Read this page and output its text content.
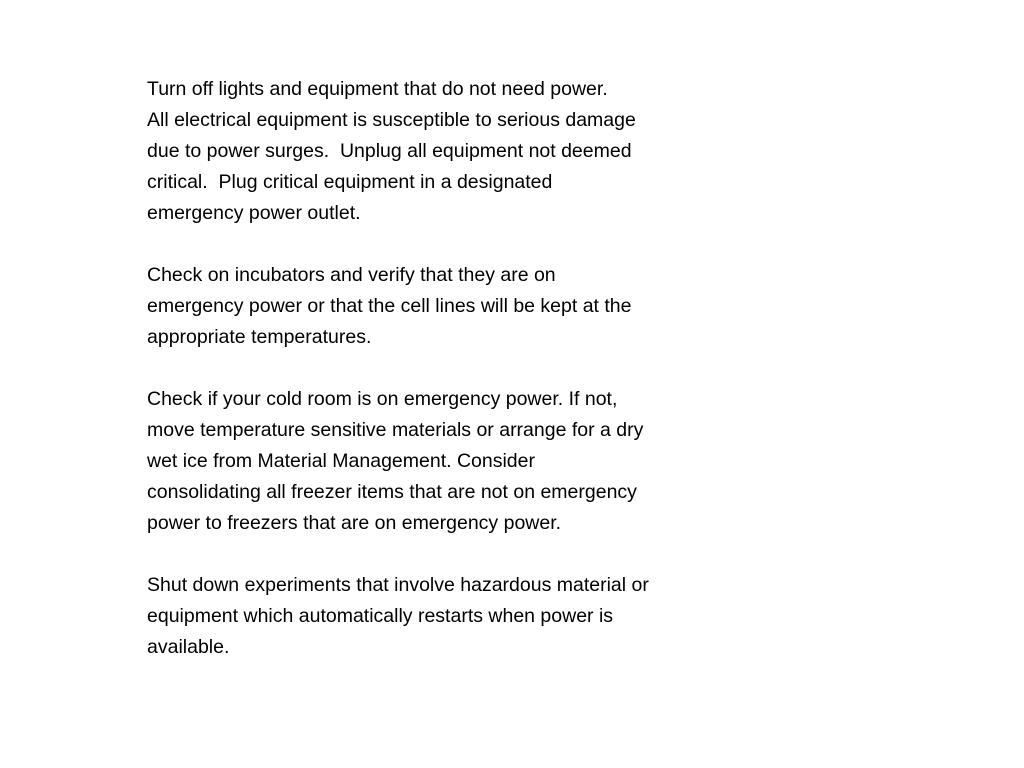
Turn off lights and equipment that do not need power.
All electrical equipment is susceptible to serious damage
due to power surges.  Unplug all equipment not deemed
critical.  Plug critical equipment in a designated
emergency power outlet.

Check on incubators and verify that they are on
emergency power or that the cell lines will be kept at the
appropriate temperatures.

Check if your cold room is on emergency power. If not,
move temperature sensitive materials or arrange for a dry
wet ice from Material Management. Consider
consolidating all freezer items that are not on emergency
power to freezers that are on emergency power.

Shut down experiments that involve hazardous material or
equipment which automatically restarts when power is
available.
